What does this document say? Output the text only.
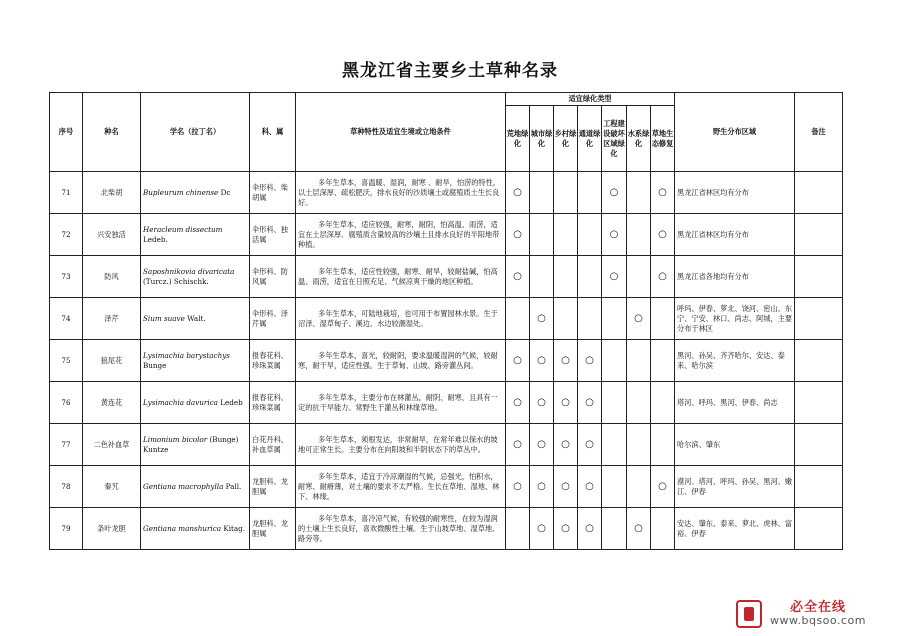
黑龙江省主要乡土草种名录
序号	种名	学名（拉丁名）	科、属	草种特性及适宜生境或立地条件	适宜绿化类型							野生分布区域	备注
					荒地绿化	城市绿化	乡村绿化	通道绿化	工程建设破坏区域绿化	水系绿化	草地生态修复		
71	北柴胡	Bupleurum chinense Dc	伞形科、柴胡属	多年生草本，喜温暖、湿润，耐寒 、耐旱，怕涝的特性，以土层深厚、疏松肥沃，排水良好的沙质壤土或腐殖质土生长良好。	○				○		○	黑龙江省林区均有分布	
72	兴安独活	Heracleum dissectum Ledeb.	伞形科、独活属	多年生草本，适应较强，耐寒，耐阴，怕高温、雨涝，适宜在土层深厚、腐殖质含量较高的沙壤土且排水良好的半阳地带种植。	○				○		○	黑龙江省林区均有分布	
73	防风	Saposhnikovia divaricata (Turcz.) Schischk.	伞形科、防风属	多年生草本，适应性较强，耐寒、耐旱，较耐盐碱，怕高温、雨涝，适宜在日照充足、气候凉爽干燥的地区种植。	○				○		○	黑龙江省各地均有分布	
74	泽芹	Sium suave Walt.	伞形科、泽芹属	多年生草本，可陆地栽培，也可用于布置园林水景。生于沼泽、湿草甸子、溪边、水边较潮湿处。		○				○		呼玛、伊春、萝北、饶河、密山、东宁、宁安、林口、尚志、阿城，主要分布于林区	
75	狼尾花	Lysimachia barystachys Bunge	报春花科、珍珠菜属	多年生草本，喜光，较耐阴，要求温暖湿润的气候，较耐寒，耐干旱，适应性强。生于草甸、山坡、路旁灌丛间。	○	○	○	○				黑河、孙吴、齐齐哈尔、安达、泰来、哈尔滨	
76	黄连花	Lysimachia davurica Ledeb	报春花科、珍珠菜属	多年生草本，主要分布在林灌丛，耐阴、耐寒，且具有一定的抗干旱能力。常野生于灌丛和林缘草地。	○	○	○	○				塔河、呼玛、黑河、伊春、尚志	
77	二色补血草	Limonium bicolor (Bunge) Kuntze	白花丹科、补血草属	多年生草本，须根发达，非常耐旱，在常年难以保水的坡地可正常生长。主要分布在向阳坡和半阴状态下的草丛中。	○	○	○	○				哈尔滨、肇东	
78	秦艽	Gentiana macrophylla Pall.	龙胆科、龙胆属	多年生草本，适宜于冷凉潮湿的气候，忌强光，怕积水，耐寒、耐瘠薄，对土壤的要求不太严格。生长在草地、湿地、林下、林缘。	○	○	○	○			○	漠河、塔河、呼玛、孙吴、黑河、嫩江、伊春	
79	条叶龙胆	Gentiana manshurica Kitag.	龙胆科、龙胆属	多年生草本，喜冷凉气候，有较强的耐寒性，在较为湿润的土壤上生长良好，喜欢微酸性土壤。生于山坡草地、湿草地、路旁等。		○	○	○		○		安达、肇东、泰来、萝北、虎林、富裕、伊春	
必全在线
www.bqsoo.com
